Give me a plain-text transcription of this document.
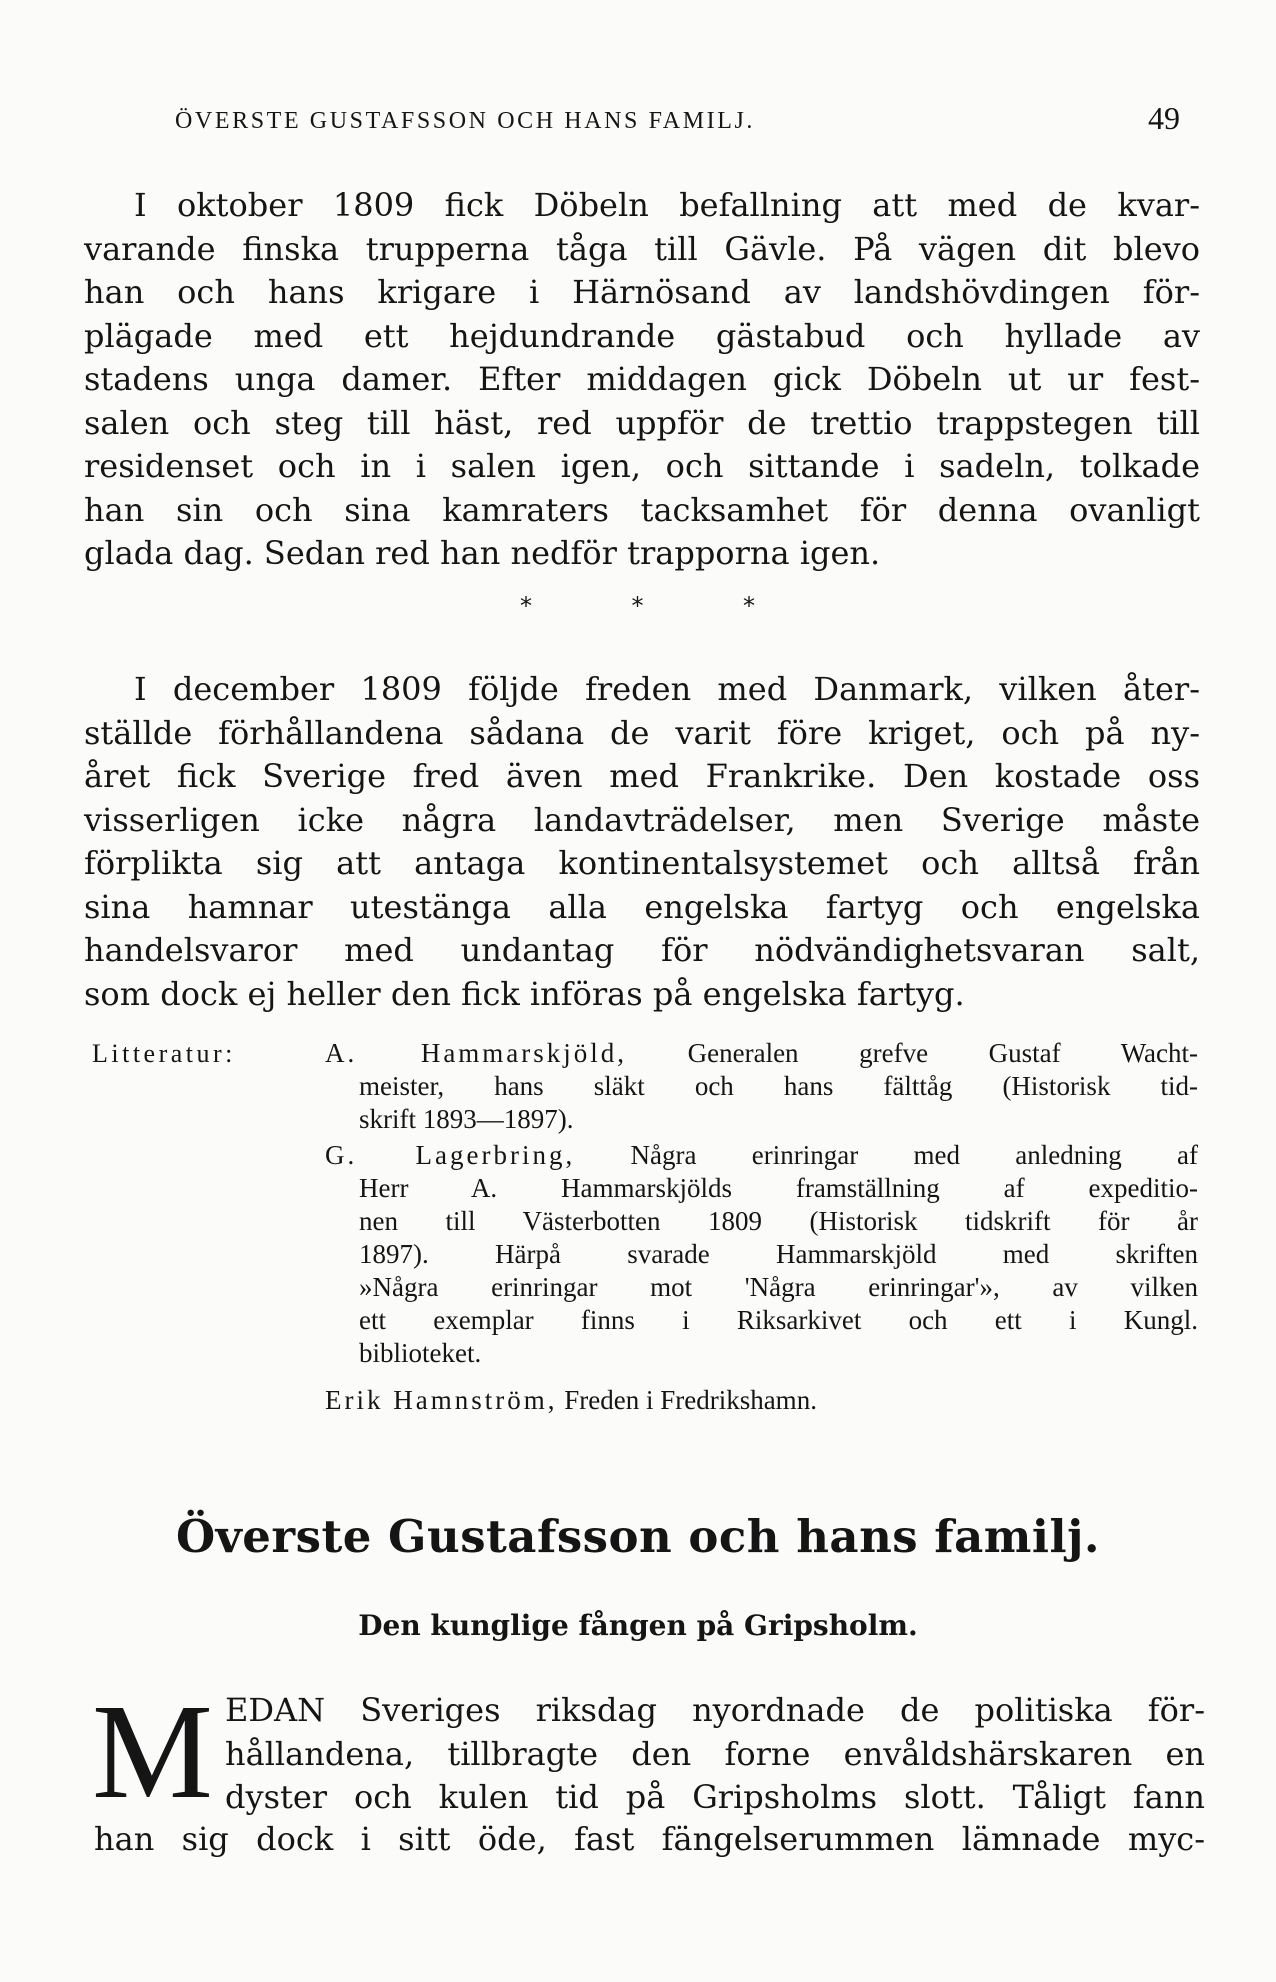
ÖVERSTE GUSTAFSSON OCH HANS FAMILJ.	49
I oktober 1809 fick Döbeln befallning att med de kvar-
varande finska trupperna tåga till Gävle. På vägen dit blevo
han och hans krigare i Härnösand av landshövdingen för-
plägade med ett hejdundrande gästabud och hyllade av
stadens unga damer. Efter middagen gick Döbeln ut ur fest-
salen och steg till häst, red uppför de trettio trappstegen till
residenset och in i salen igen, och sittande i sadeln, tolkade
han sin och sina kamraters tacksamhet för denna ovanligt
glada dag. Sedan red han nedför trapporna igen.
*	*	*
I december 1809 följde freden med Danmark, vilken åter-
ställde förhållandena sådana de varit före kriget, och på ny-
året fick Sverige fred även med Frankrike. Den kostade oss
visserligen icke några landavträdelser, men Sverige måste
förplikta sig att antaga kontinentalsystemet och alltså från
sina hamnar utestänga alla engelska fartyg och engelska
handelsvaror med undantag för nödvändighetsvaran salt,
som dock ej heller den fick införas på engelska fartyg.
Litteratur:	A. Hammarskjöld, Generalen grefve Gustaf Wacht-
meister, hans släkt och hans fälttåg (Historisk tid-
skrift 1893—1897).
G. Lagerbring, Några erinringar med anledning af
Herr A. Hammarskjölds framställning af expeditio-
nen till Västerbotten 1809 (Historisk tidskrift för år
1897). Härpå svarade Hammarskjöld med skriften
»Några erinringar mot 'Några erinringar'», av vilken
ett exemplar finns i Riksarkivet och ett i Kungl.
biblioteket.
Erik Hamnström, Freden i Fredrikshamn.
Överste Gustafsson och hans familj.
Den kunglige fången på Gripsholm.
M EDAN Sveriges riksdag nyordnade de politiska för-
hållandena, tillbragte den forne envåldshärskaren en
dyster och kulen tid på Gripsholms slott. Tåligt fann
han sig dock i sitt öde, fast fängelserummen lämnade myc-
